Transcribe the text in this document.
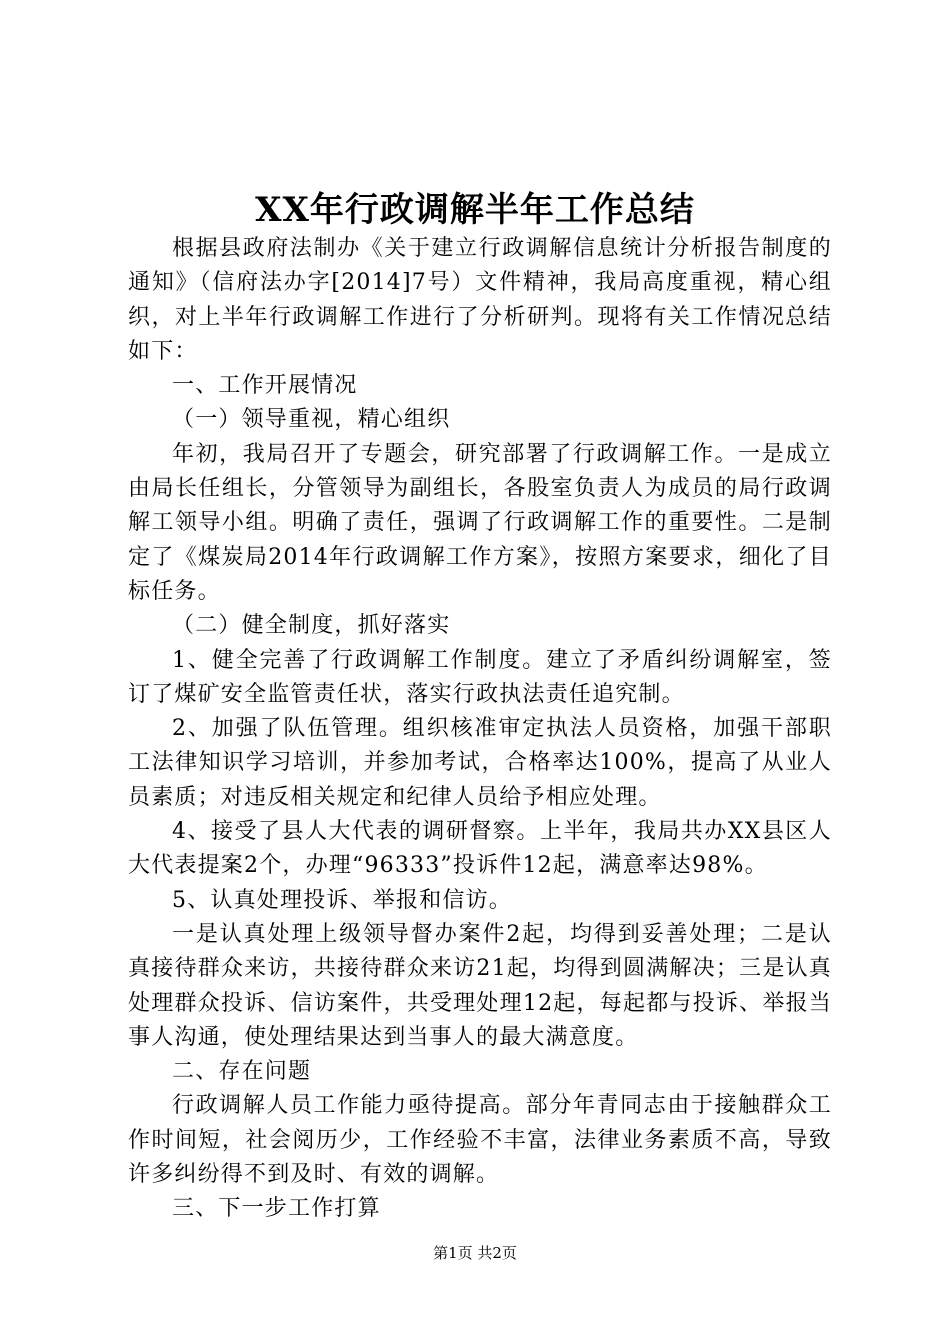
XX年行政调解半年工作总结

根据县政府法制办《关于建立行政调解信息统计分析报告制度的通知》（信府法办字[2014]7号）文件精神，我局高度重视，精心组织，对上半年行政调解工作进行了分析研判。现将有关工作情况总结如下：

一、工作开展情况

（一）领导重视，精心组织

年初，我局召开了专题会，研究部署了行政调解工作。一是成立由局长任组长，分管领导为副组长，各股室负责人为成员的局行政调解工领导小组。明确了责任，强调了行政调解工作的重要性。二是制定了《煤炭局2014年行政调解工作方案》，按照方案要求，细化了目标任务。

（二）健全制度，抓好落实

1、健全完善了行政调解工作制度。建立了矛盾纠纷调解室，签订了煤矿安全监管责任状，落实行政执法责任追究制。

2、加强了队伍管理。组织核准审定执法人员资格，加强干部职工法律知识学习培训，并参加考试，合格率达100%，提高了从业人员素质；对违反相关规定和纪律人员给予相应处理。

4、接受了县人大代表的调研督察。上半年，我局共办XX县区人大代表提案2个，办理“96333”投诉件12起，满意率达98%。

5、认真处理投诉、举报和信访。

一是认真处理上级领导督办案件2起，均得到妥善处理；二是认真接待群众来访，共接待群众来访21起，均得到圆满解决；三是认真处理群众投诉、信访案件，共受理处理12起，每起都与投诉、举报当事人沟通，使处理结果达到当事人的最大满意度。

二、存在问题

行政调解人员工作能力亟待提高。部分年青同志由于接触群众工作时间短，社会阅历少，工作经验不丰富，法律业务素质不高，导致许多纠纷得不到及时、有效的调解。

三、下一步工作打算

第1页 共2页
